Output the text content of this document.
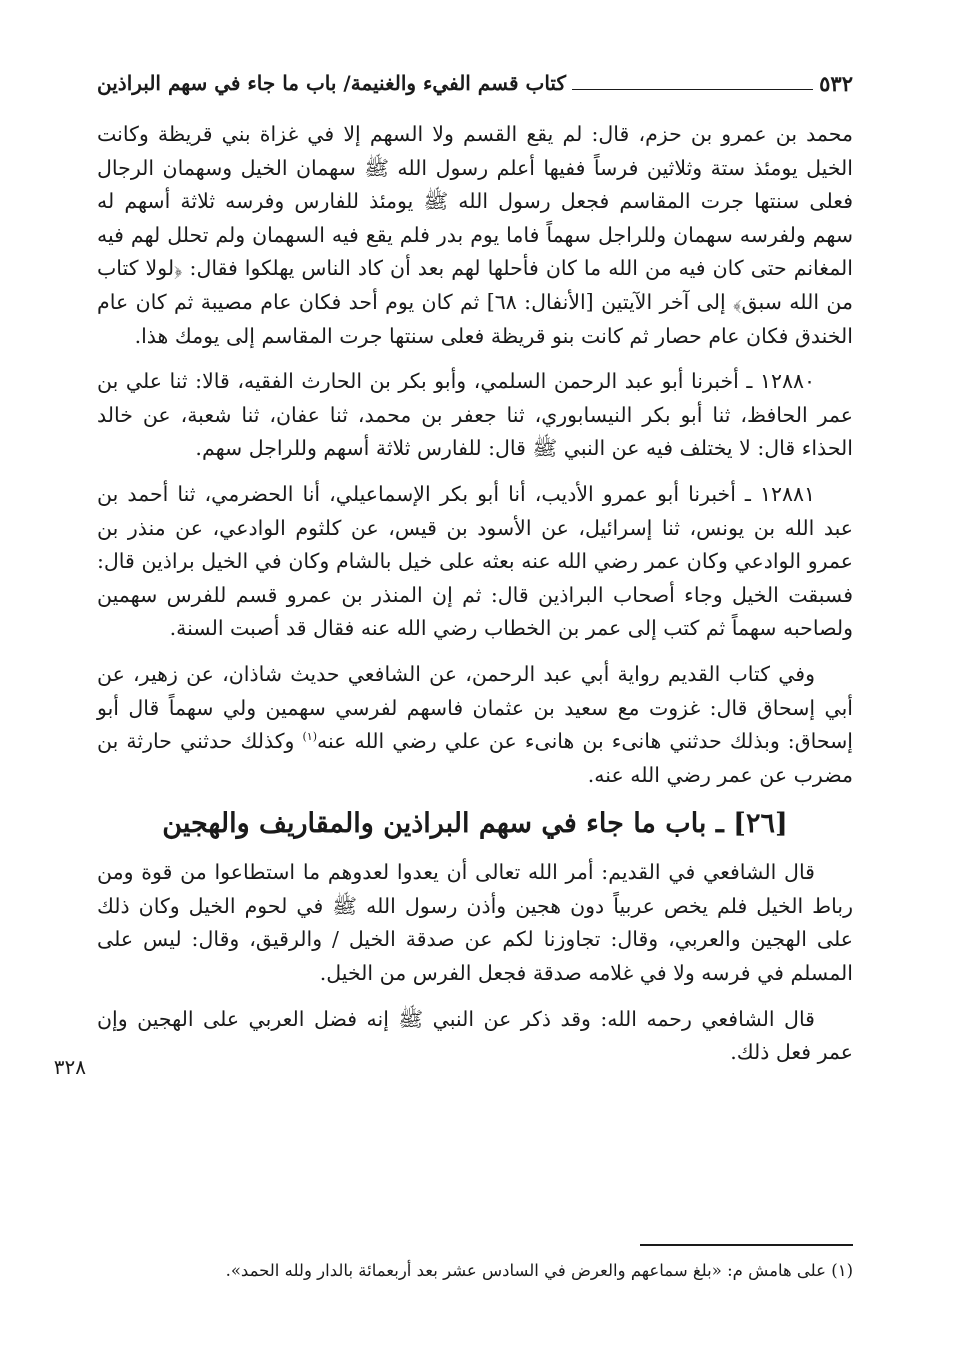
٥٣٢
كتاب قسم الفيء والغنيمة/ باب ما جاء في سهم البراذين

محمد بن عمرو بن حزم، قال: لم يقع القسم ولا السهم إلا في غزاة بني قريظة وكانت الخيل يومئذ ستة وثلاثين فرساً ففيها أعلم رسول الله ﷺ سهمان الخيل وسهمان الرجال فعلى سنتها جرت المقاسم فجعل رسول الله ﷺ يومئذ للفارس وفرسه ثلاثة أسهم له سهم ولفرسه سهمان وللراجل سهماً فاما يوم بدر فلم يقع فيه السهمان ولم تحلل لهم فيه المغانم حتى كان فيه من الله ما كان فأحلها لهم بعد أن كاد الناس يهلكوا فقال: ﴿لولا كتاب من الله سبق﴾ إلى آخر الآيتين [الأنفال: ٦٨] ثم كان يوم أحد فكان عام مصيبة ثم كان عام الخندق فكان عام حصار ثم كانت بنو قريظة فعلى سنتها جرت المقاسم إلى يومك هذا.

١٢٨٨٠ ـ أخبرنا أبو عبد الرحمن السلمي، وأبو بكر بن الحارث الفقيه، قالا: ثنا علي بن عمر الحافظ، ثنا أبو بكر النيسابوري، ثنا جعفر بن محمد، ثنا عفان، ثنا شعبة، عن خالد الحذاء قال: لا يختلف فيه عن النبي ﷺ قال: للفارس ثلاثة أسهم وللراجل سهم.

١٢٨٨١ ـ أخبرنا أبو عمرو الأديب، أنا أبو بكر الإسماعيلي، أنا الحضرمي، ثنا أحمد بن عبد الله بن يونس، ثنا إسرائيل، عن الأسود بن قيس، عن كلثوم الوادعي، عن منذر بن عمرو الوادعي وكان عمر رضي الله عنه بعثه على خيل بالشام وكان في الخيل براذين قال: فسبقت الخيل وجاء أصحاب البراذين قال: ثم إن المنذر بن عمرو قسم للفرس سهمين ولصاحبه سهماً ثم كتب إلى عمر بن الخطاب رضي الله عنه فقال قد أصبت السنة.

وفي كتاب القديم رواية أبي عبد الرحمن، عن الشافعي حديث شاذان، عن زهير، عن أبي إسحاق قال: غزوت مع سعيد بن عثمان فاسهم لفرسي سهمين ولي سهماً قال أبو إسحاق: وبذلك حدثني هانىء بن هانىء عن علي رضي الله عنه$^{(١)}$ وكذلك حدثني حارثة بن مضرب عن عمر رضي الله عنه.

[٢٦] ـ باب ما جاء في سهم البراذين والمقاريف والهجين

قال الشافعي في القديم: أمر الله تعالى أن يعدوا لعدوهم ما استطاعوا من قوة ومن رباط الخيل فلم يخص عربياً دون هجين وأذن رسول الله ﷺ في لحوم الخيل وكان ذلك على الهجين والعربي، وقال: تجاوزنا لكم عن صدقة الخيل / والرقيق، وقال: ليس على المسلم في فرسه ولا في غلامه صدقة فجعل الفرس من الخيل.

قال الشافعي رحمه الله: وقد ذكر عن النبي ﷺ إنه فضل العربي على الهجين وإن عمر فعل ذلك.

٣٢٨
(١) على هامش م: «بلغ سماعهم والعرض في السادس عشر بعد أربعمائة بالدار ولله الحمد».
